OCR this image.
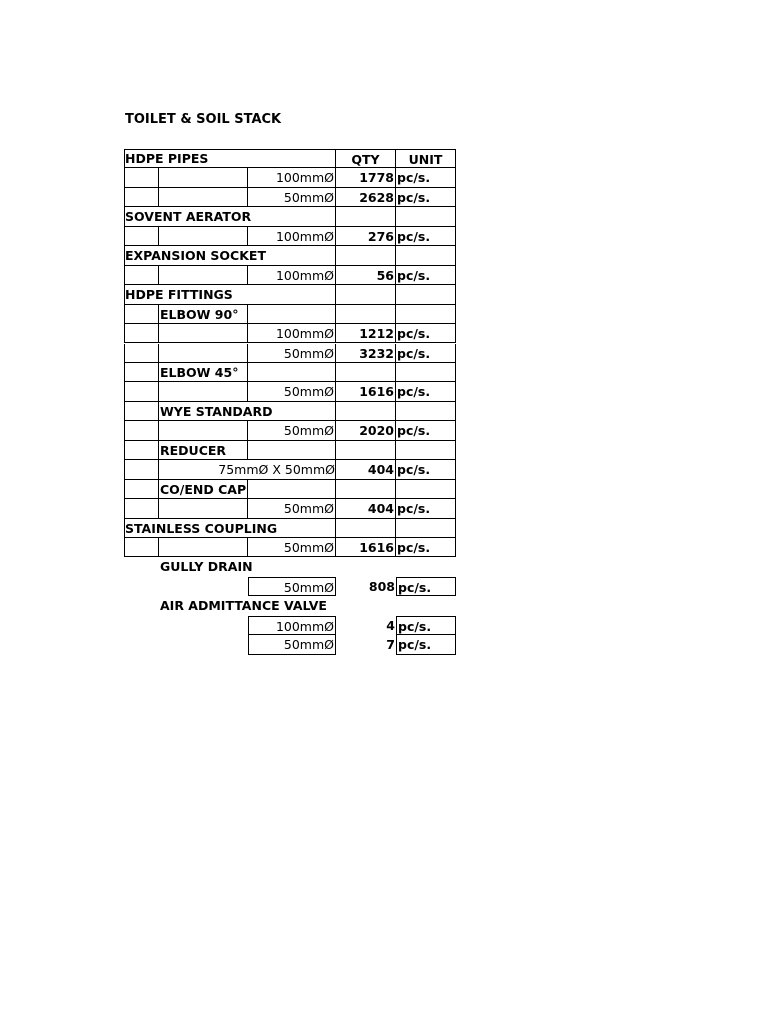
TOILET & SOIL STACK
HDPE PIPES	QTY	UNIT
100mmØ	1778 pc/s.
50mmØ	2628 pc/s.
SOVENT AERATOR
100mmØ	276 pc/s.
EXPANSION SOCKET
100mmØ	56 pc/s.
HDPE FITTINGS
ELBOW 90°
100mmØ	1212 pc/s.
50mmØ	3232 pc/s.
ELBOW 45°
50mmØ	1616 pc/s.
WYE STANDARD
50mmØ	2020 pc/s.
REDUCER
75mmØ X 50mmØ	404 pc/s.
CO/END CAP
50mmØ	404 pc/s.
STAINLESS COUPLING
50mmØ	1616 pc/s.
GULLY DRAIN
50mmØ	808 pc/s.
AIR ADMITTANCE VALVE
100mmØ	4 pc/s.
50mmØ	7 pc/s.
